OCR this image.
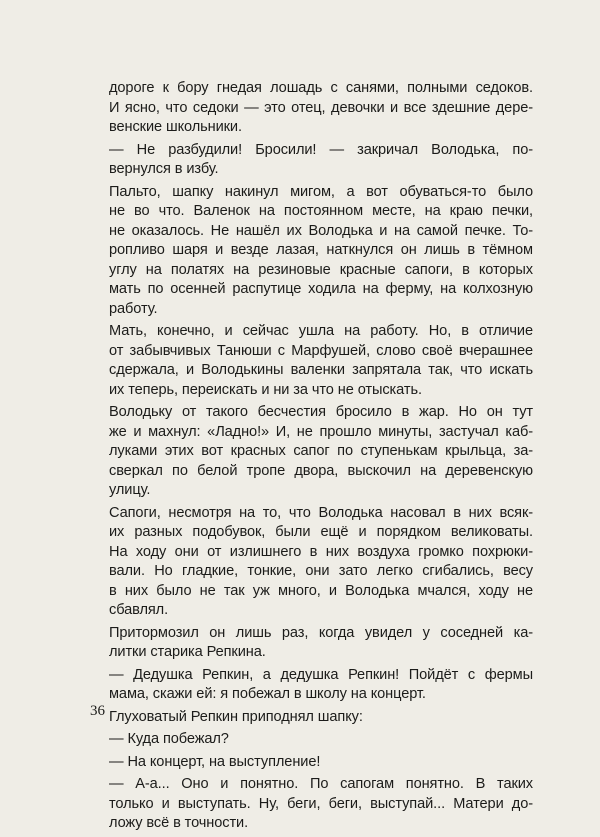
дороге к бору гнедая лошадь с санями, полными седоков.
И ясно, что седоки — это отец, девочки и все здешние дере-
венские школьники.

— Не разбудили! Бросили! — закричал Володька, по-
вернулся в избу.

Пальто, шапку накинул мигом, а вот обуваться-то было
не во что. Валенок на постоянном месте, на краю печки,
не оказалось. Не нашёл их Володька и на самой печке. То-
ропливо шаря и везде лазая, наткнулся он лишь в тёмном
углу на полатях на резиновые красные сапоги, в которых
мать по осенней распутице ходила на ферму, на колхозную
работу.

Мать, конечно, и сейчас ушла на работу. Но, в отличие
от забывчивых Танюши с Марфушей, слово своё вчерашнее
сдержала, и Володькины валенки запрятала так, что искать
их теперь, переискать и ни за что не отыскать.

Володьку от такого бесчестия бросило в жар. Но он тут
же и махнул: «Ладно!» И, не прошло минуты, застучал каб-
луками этих вот красных сапог по ступенькам крыльца, за-
сверкал по белой тропе двора, выскочил на деревенскую
улицу.

Сапоги, несмотря на то, что Володька насовал в них всяк-
их разных подобувок, были ещё и порядком великоваты.
На ходу они от излишнего в них воздуха громко похрюки-
вали. Но гладкие, тонкие, они зато легко сгибались, весу
в них было не так уж много, и Володька мчался, ходу не
сбавлял.

Притормозил он лишь раз, когда увидел у соседней ка-
литки старика Репкина.

— Дедушка Репкин, а дедушка Репкин! Пойдёт с фермы
мама, скажи ей: я побежал в школу на концерт.

Глуховатый Репкин приподнял шапку:

— Куда побежал?

— На концерт, на выступление!

— А-а... Оно и понятно. По сапогам понятно. В таких
только и выступать. Ну, беги, беги, выступай... Матери до-
ложу всё в точности.

36
